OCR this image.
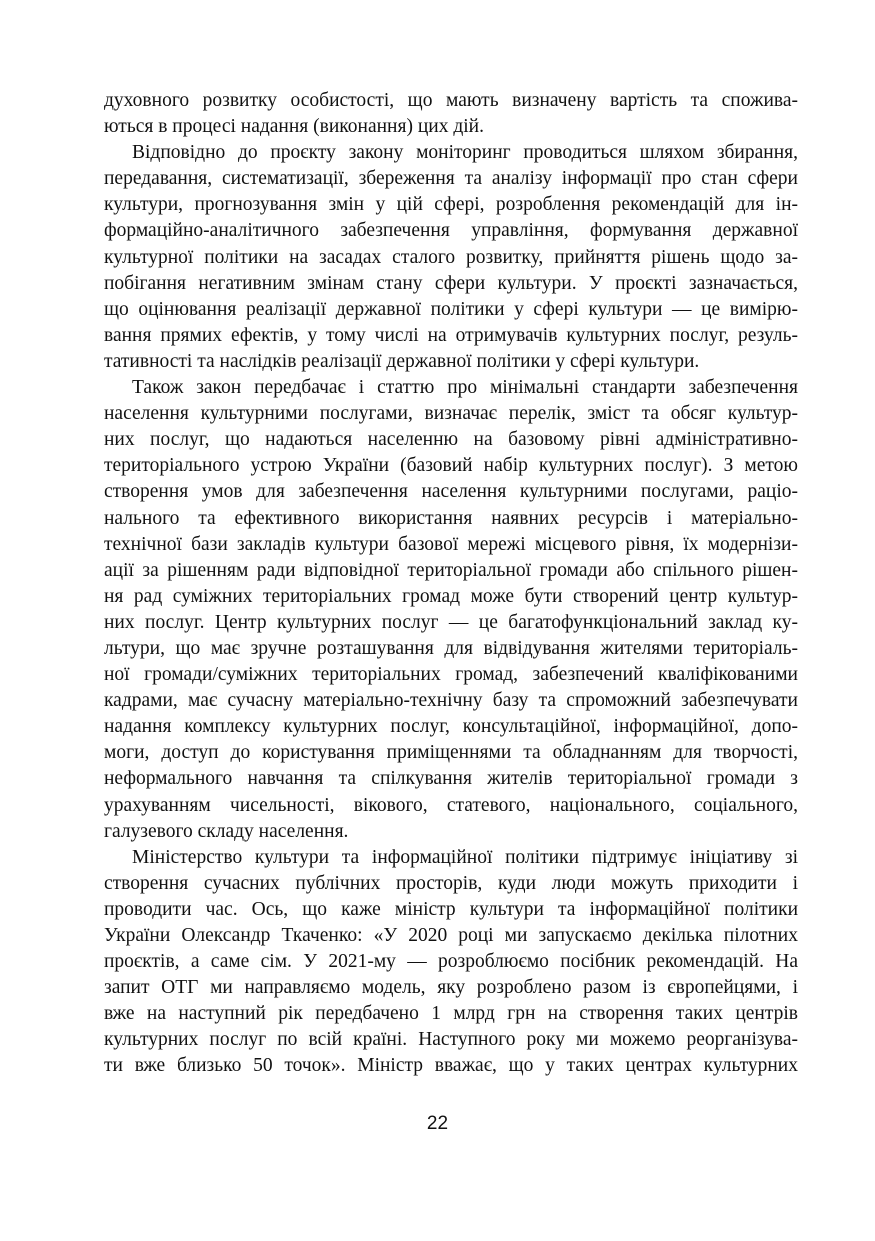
духовного розвитку особистості, що мають визначену вартість та спожива-
ються в процесі надання (виконання) цих дій.
Відповідно до проєкту закону моніторинг проводиться шляхом збирання,
передавання, систематизації, збереження та аналізу інформації про стан сфери
культури, прогнозування змін у цій сфері, розроблення рекомендацій для ін-
формаційно-аналітичного забезпечення управління, формування державної
культурної політики на засадах сталого розвитку, прийняття рішень щодо за-
побігання негативним змінам стану сфери культури. У проєкті зазначається,
що оцінювання реалізації державної політики у сфері культури — це вимірю-
вання прямих ефектів, у тому числі на отримувачів культурних послуг, резуль-
тативності та наслідків реалізації державної політики у сфері культури.
Також закон передбачає і статтю про мінімальні стандарти забезпечення
населення культурними послугами, визначає перелік, зміст та обсяг культур-
них послуг, що надаються населенню на базовому рівні адміністративно-
територіального устрою України (базовий набір культурних послуг). З метою
створення умов для забезпечення населення культурними послугами, раціо-
нального та ефективного використання наявних ресурсів і матеріально-
технічної бази закладів культури базової мережі місцевого рівня, їх модернізи-
ації за рішенням ради відповідної територіальної громади або спільного рішен-
ня рад суміжних територіальних громад може бути створений центр культур-
них послуг. Центр культурних послуг — це багатофункціональний заклад ку-
льтури, що має зручне розташування для відвідування жителями територіаль-
ної громади/суміжних територіальних громад, забезпечений кваліфікованими
кадрами, має сучасну матеріально-технічну базу та спроможний забезпечувати
надання комплексу культурних послуг, консультаційної, інформаційної, допо-
моги, доступ до користування приміщеннями та обладнанням для творчості,
неформального навчання та спілкування жителів територіальної громади з
урахуванням чисельності, вікового, статевого, національного, соціального,
галузевого складу населення.
Міністерство культури та інформаційної політики підтримує ініціативу зі
створення сучасних публічних просторів, куди люди можуть приходити і
проводити час. Ось, що каже міністр культури та інформаційної політики
України Олександр Ткаченко: «У 2020 році ми запускаємо декілька пілотних
проєктів, а саме сім. У 2021-му — розроблюємо посібник рекомендацій. На
запит ОТГ ми направляємо модель, яку розроблено разом із європейцями, і
вже на наступний рік передбачено 1 млрд грн на створення таких центрів
культурних послуг по всій країні. Наступного року ми можемо реорганізува-
ти вже близько 50 точок». Міністр вважає, що у таких центрах культурних
22
